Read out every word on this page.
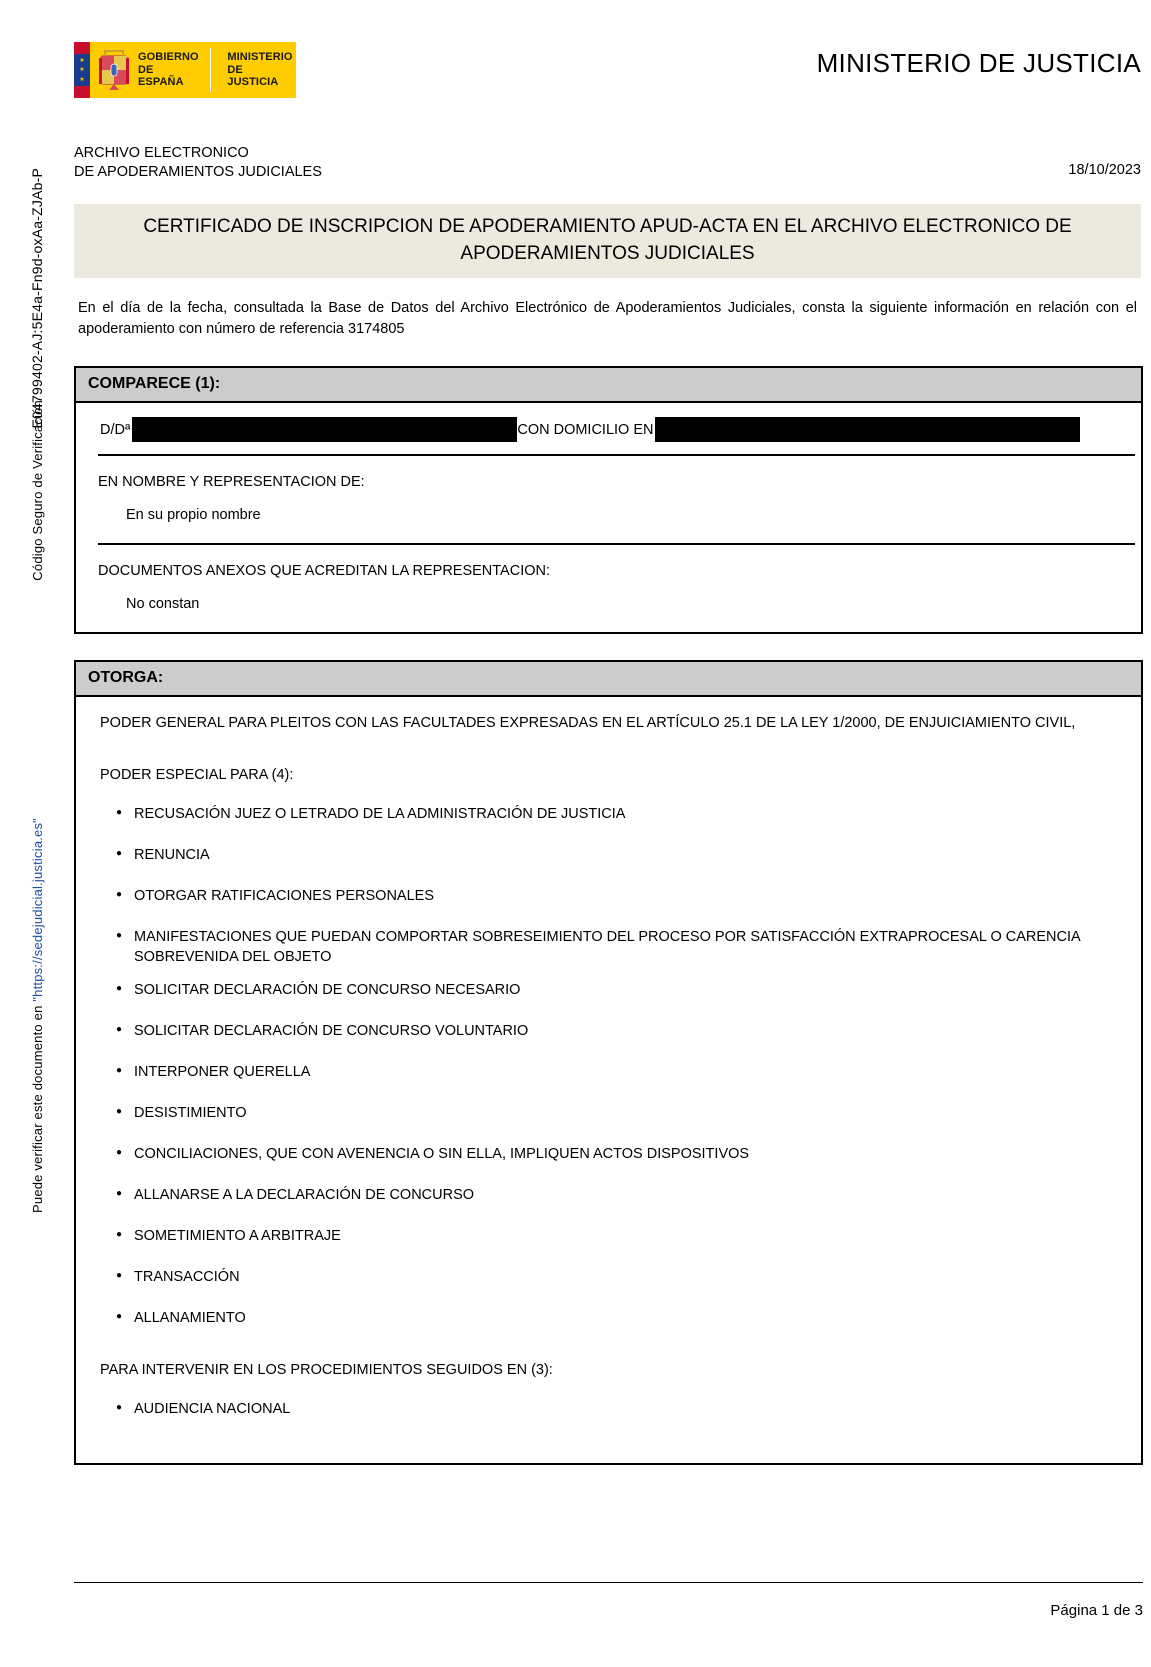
E04799402-AJ:5E4a-Fn9d-oxAa-ZJAb-P
Código Seguro de Verificación
Puede verificar este documento en "https://sedejudicial.justicia.es"
★
★
★
GOBIERNO
DE ESPAÑA
MINISTERIO
DE JUSTICIA
MINISTERIO DE JUSTICIA
ARCHIVO ELECTRONICO
DE APODERAMIENTOS JUDICIALES	18/10/2023
CERTIFICADO DE INSCRIPCION DE APODERAMIENTO APUD-ACTA EN EL ARCHIVO ELECTRONICO DE APODERAMIENTOS JUDICIALES
En el día de la fecha, consultada la Base de Datos del Archivo Electrónico de Apoderamientos Judiciales, consta la siguiente información en relación con el apoderamiento con número de referencia 3174805
COMPARECE (1):
D/Dª	CON DOMICILIO EN
EN NOMBRE Y REPRESENTACION DE:
En su propio nombre
DOCUMENTOS ANEXOS QUE ACREDITAN LA REPRESENTACION:
No constan
OTORGA:
PODER GENERAL PARA PLEITOS CON LAS FACULTADES EXPRESADAS EN EL ARTÍCULO 25.1 DE LA LEY 1/2000, DE ENJUICIAMIENTO CIVIL,
PODER ESPECIAL PARA (4):
● RECUSACIÓN JUEZ O LETRADO DE LA ADMINISTRACIÓN DE JUSTICIA
● RENUNCIA
● OTORGAR RATIFICACIONES PERSONALES
● MANIFESTACIONES QUE PUEDAN COMPORTAR SOBRESEIMIENTO DEL PROCESO POR SATISFACCIÓN EXTRAPROCESAL O CARENCIA SOBREVENIDA DEL OBJETO
● SOLICITAR DECLARACIÓN DE CONCURSO NECESARIO
● SOLICITAR DECLARACIÓN DE CONCURSO VOLUNTARIO
● INTERPONER QUERELLA
● DESISTIMIENTO
● CONCILIACIONES, QUE CON AVENENCIA O SIN ELLA, IMPLIQUEN ACTOS DISPOSITIVOS
● ALLANARSE A LA DECLARACIÓN DE CONCURSO
● SOMETIMIENTO A ARBITRAJE
● TRANSACCIÓN
● ALLANAMIENTO
PARA INTERVENIR EN LOS PROCEDIMIENTOS SEGUIDOS EN (3):
● AUDIENCIA NACIONAL
Página 1 de 3
